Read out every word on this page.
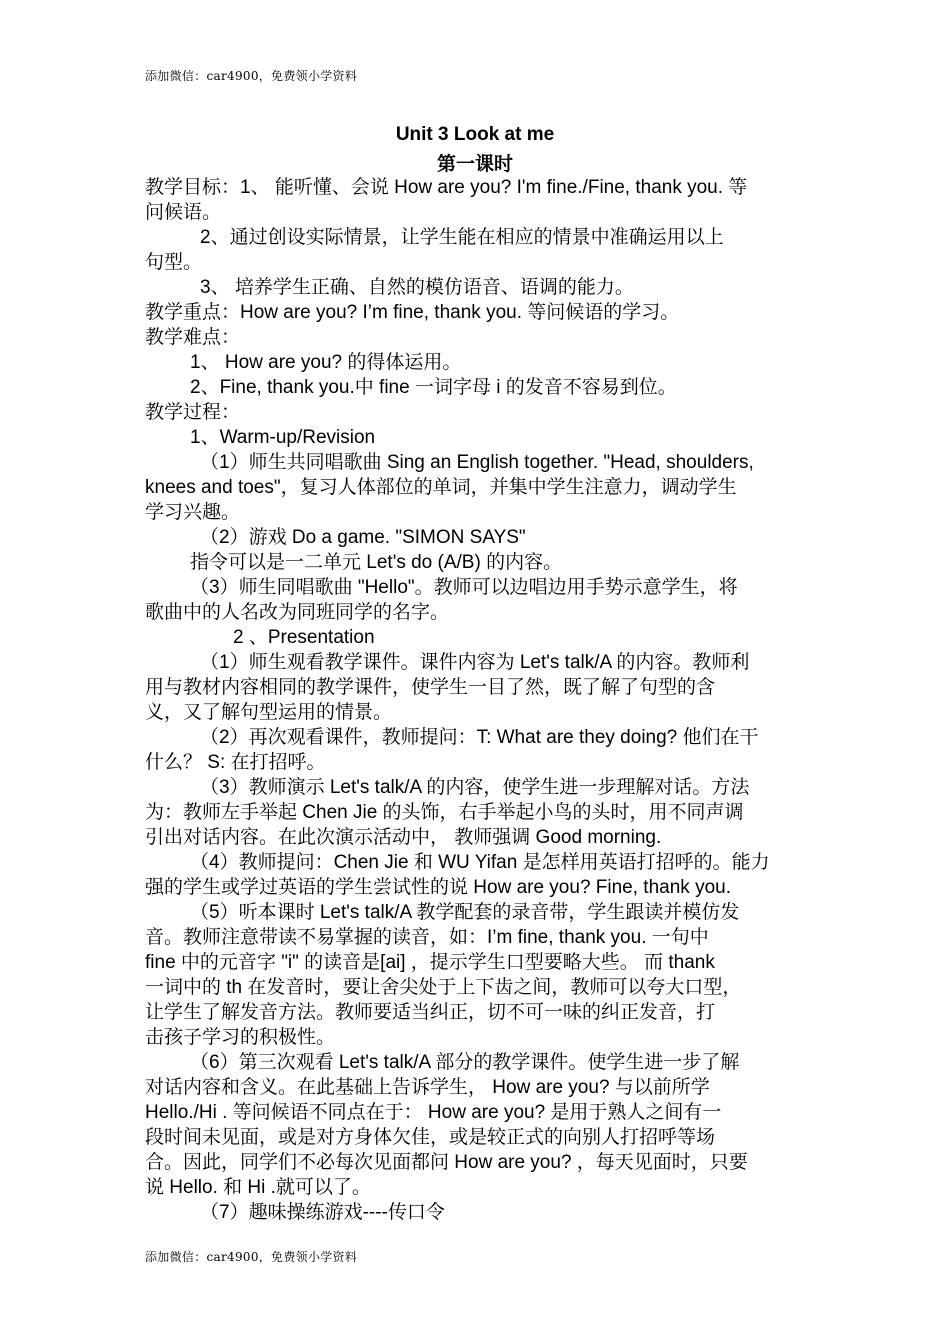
添加微信：car4900，免费领小学资料
Unit 3 Look at me
第一课时
教学目标：1、 能听懂、会说 How are you? I'm fine./Fine, thank you. 等
问候语。
2、通过创设实际情景，让学生能在相应的情景中准确运用以上
句型。
3、 培养学生正确、自然的模仿语音、语调的能力。
教学重点：How are you? I’m fine, thank you. 等问候语的学习。
教学难点：
1、 How are you? 的得体运用。
2、Fine, thank you.中 fine 一词字母 i 的发音不容易到位。
教学过程：
1、Warm-up/Revision
（1）师生共同唱歌曲 Sing an English together. "Head, shoulders,
knees and toes"，复习人体部位的单词，并集中学生注意力，调动学生
学习兴趣。
（2）游戏 Do a game. "SIMON SAYS"
指令可以是一二单元 Let's do (A/B) 的内容。
（3）师生同唱歌曲 "Hello"。教师可以边唱边用手势示意学生，将
歌曲中的人名改为同班同学的名字。
2 、Presentation
（1）师生观看教学课件。课件内容为 Let's talk/A 的内容。教师利
用与教材内容相同的教学课件，使学生一目了然，既了解了句型的含
义，又了解句型运用的情景。
（2）再次观看课件，教师提问：T: What are they doing? 他们在干
什么？ S: 在打招呼。
（3）教师演示 Let's talk/A 的内容，使学生进一步理解对话。方法
为：教师左手举起 Chen Jie 的头饰，右手举起小鸟的头时，用不同声调
引出对话内容。在此次演示活动中， 教师强调 Good morning.
（4）教师提问：Chen Jie 和 WU Yifan 是怎样用英语打招呼的。能力
强的学生或学过英语的学生尝试性的说 How are you? Fine, thank you.
（5）听本课时 Let's talk/A 教学配套的录音带，学生跟读并模仿发
音。教师注意带读不易掌握的读音，如：I’m fine, thank you. 一句中
fine 中的元音字 "i" 的读音是[ai] ，提示学生口型要略大些。 而 thank
一词中的 th 在发音时，要让舍尖处于上下齿之间，教师可以夸大口型，
让学生了解发音方法。教师要适当纠正，切不可一味的纠正发音，打
击孩子学习的积极性。
（6）第三次观看 Let's talk/A 部分的教学课件。使学生进一步了解
对话内容和含义。在此基础上告诉学生， How are you? 与以前所学
Hello./Hi . 等问候语不同点在于： How are you? 是用于熟人之间有一
段时间未见面，或是对方身体欠佳，或是较正式的向别人打招呼等场
合。因此，同学们不必每次见面都问 How are you? ，每天见面时，只要
说 Hello. 和 Hi .就可以了。
（7）趣味操练游戏----传口令
添加微信：car4900，免费领小学资料
